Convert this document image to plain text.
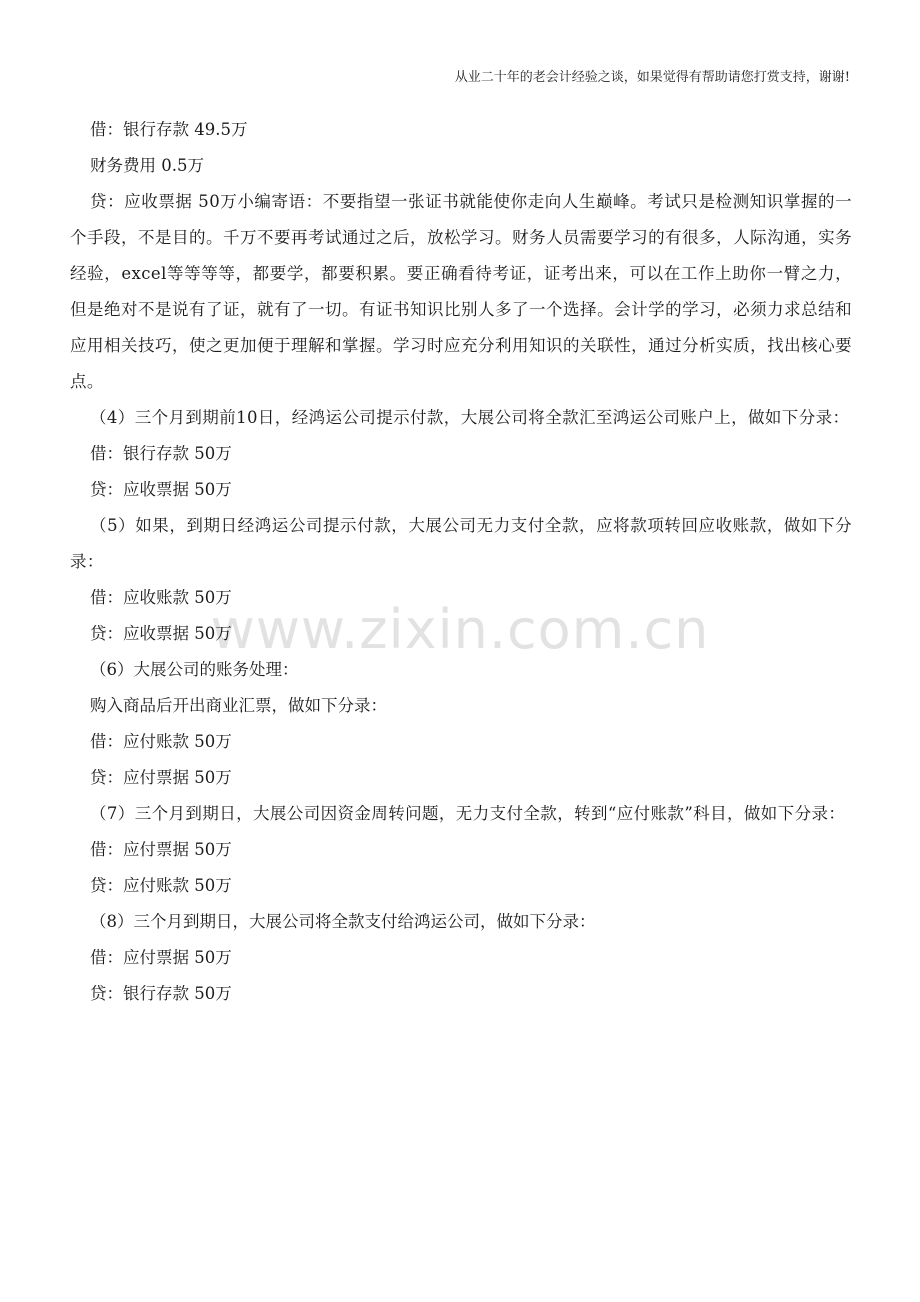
从业二十年的老会计经验之谈，如果觉得有帮助请您打赏支持，谢谢!
www.zixin.com.cn
借：银行存款 49.5万
财务费用 0.5万
贷：应收票据 50万小编寄语：不要指望一张证书就能使你走向人生巅峰。考试只是检测知识掌握的一个手段，不是目的。千万不要再考试通过之后，放松学习。财务人员需要学习的有很多，人际沟通，实务经验，excel等等等等，都要学，都要积累。要正确看待考证，证考出来，可以在工作上助你一臂之力，但是绝对不是说有了证，就有了一切。有证书知识比别人多了一个选择。会计学的学习，必须力求总结和应用相关技巧，使之更加便于理解和掌握。学习时应充分利用知识的关联性，通过分析实质，找出核心要点。
（4）三个月到期前10日，经鸿运公司提示付款，大展公司将全款汇至鸿运公司账户上，做如下分录：
借：银行存款 50万
贷：应收票据 50万
（5）如果，到期日经鸿运公司提示付款，大展公司无力支付全款，应将款项转回应收账款，做如下分录：
借：应收账款 50万
贷：应收票据 50万
（6）大展公司的账务处理：
购入商品后开出商业汇票，做如下分录：
借：应付账款 50万
贷：应付票据 50万
（7）三个月到期日，大展公司因资金周转问题，无力支付全款，转到“应付账款”科目，做如下分录：
借：应付票据 50万
贷：应付账款 50万
（8）三个月到期日，大展公司将全款支付给鸿运公司，做如下分录：
借：应付票据 50万
贷：银行存款 50万
